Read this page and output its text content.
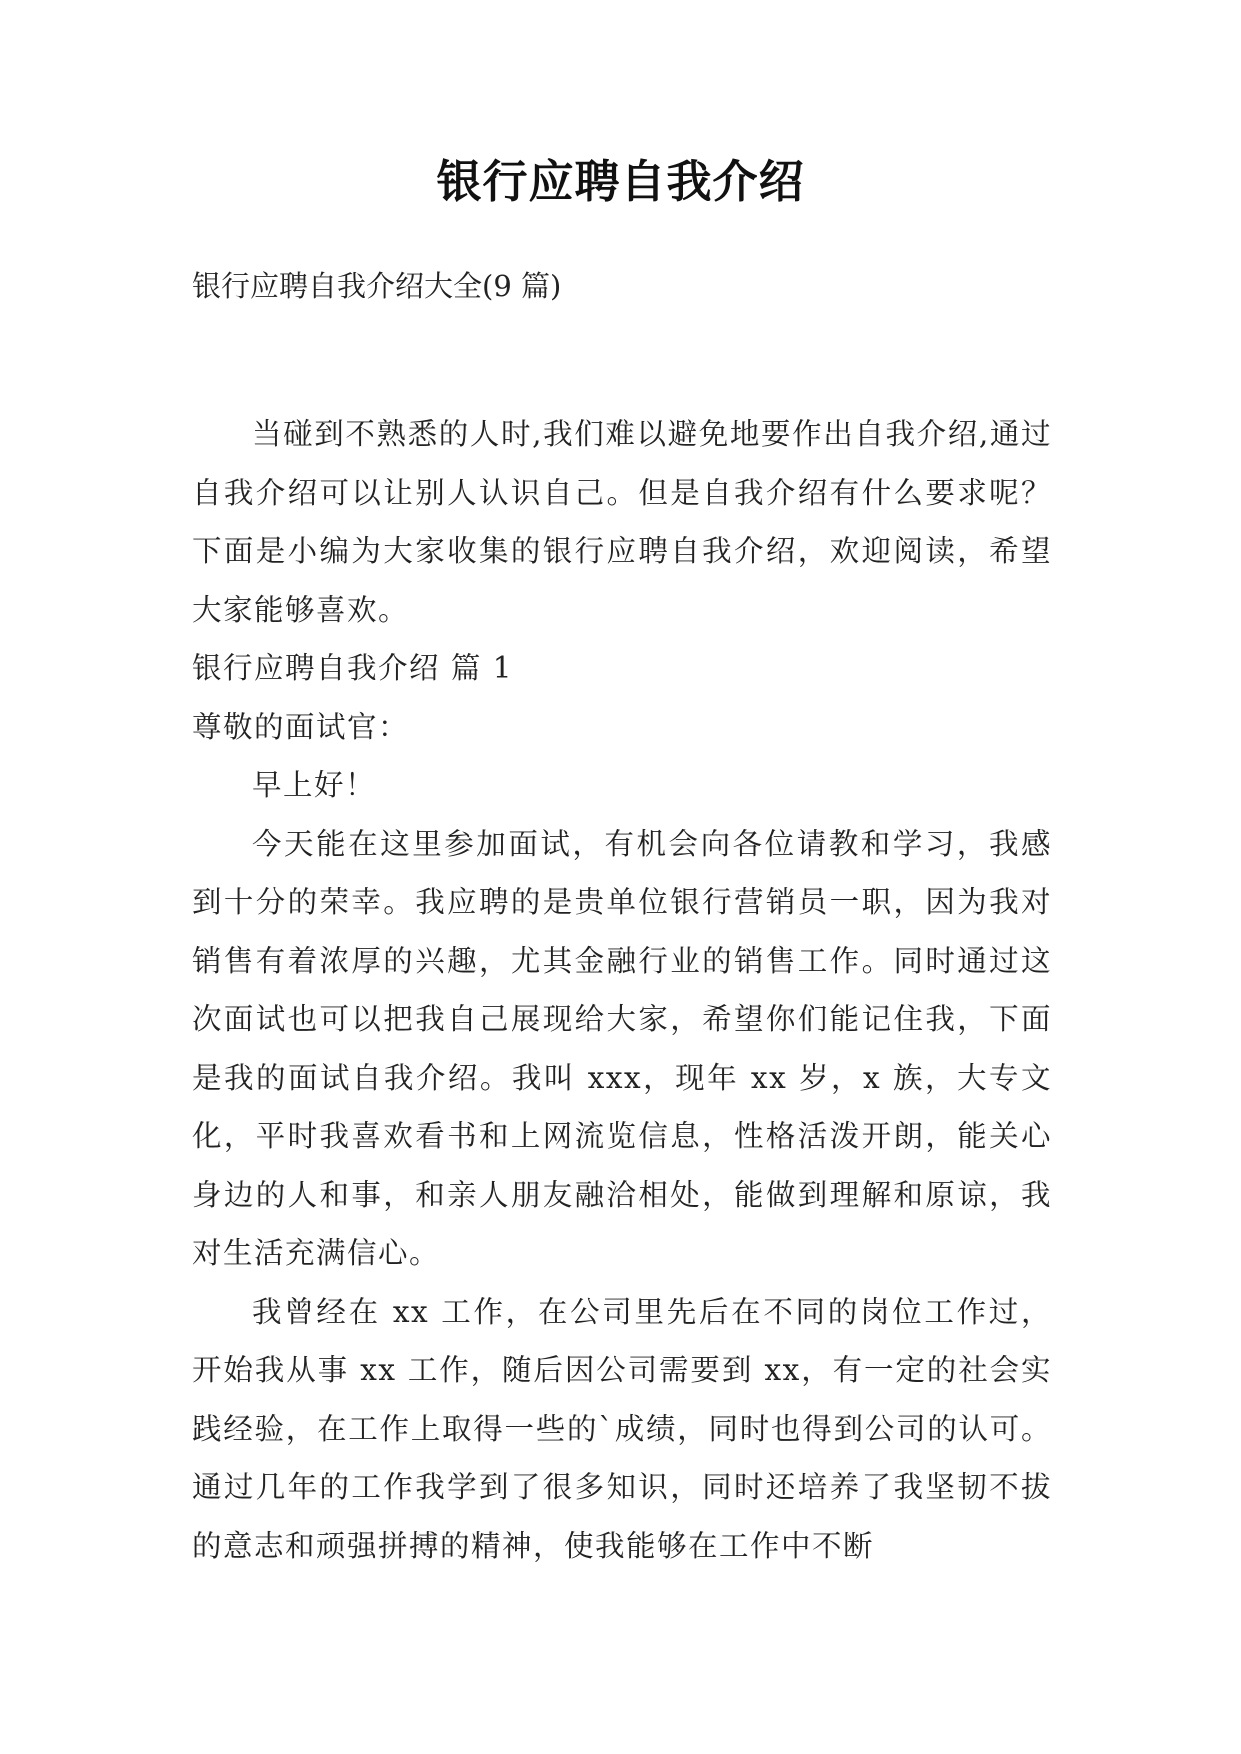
银行应聘自我介绍
银行应聘自我介绍大全(9 篇)

当碰到不熟悉的人时,我们难以避免地要作出自我介绍,通过自我介绍可以让别人认识自己。但是自我介绍有什么要求呢？下面是小编为大家收集的银行应聘自我介绍，欢迎阅读，希望大家能够喜欢。

银行应聘自我介绍 篇 1

尊敬的面试官：

早上好！

今天能在这里参加面试，有机会向各位请教和学习，我感到十分的荣幸。我应聘的是贵单位银行营销员一职，因为我对销售有着浓厚的兴趣，尤其金融行业的销售工作。同时通过这次面试也可以把我自己展现给大家，希望你们能记住我，下面是我的面试自我介绍。我叫 xxx，现年 xx 岁，x 族，大专文化，平时我喜欢看书和上网流览信息，性格活泼开朗，能关心身边的人和事，和亲人朋友融洽相处，能做到理解和原谅，我对生活充满信心。

我曾经在 xx 工作，在公司里先后在不同的岗位工作过，开始我从事 xx 工作，随后因公司需要到 xx，有一定的社会实践经验，在工作上取得一些的`成绩，同时也得到公司的认可。通过几年的工作我学到了很多知识，同时还培养了我坚韧不拔的意志和顽强拼搏的精神，使我能够在工作中不断
